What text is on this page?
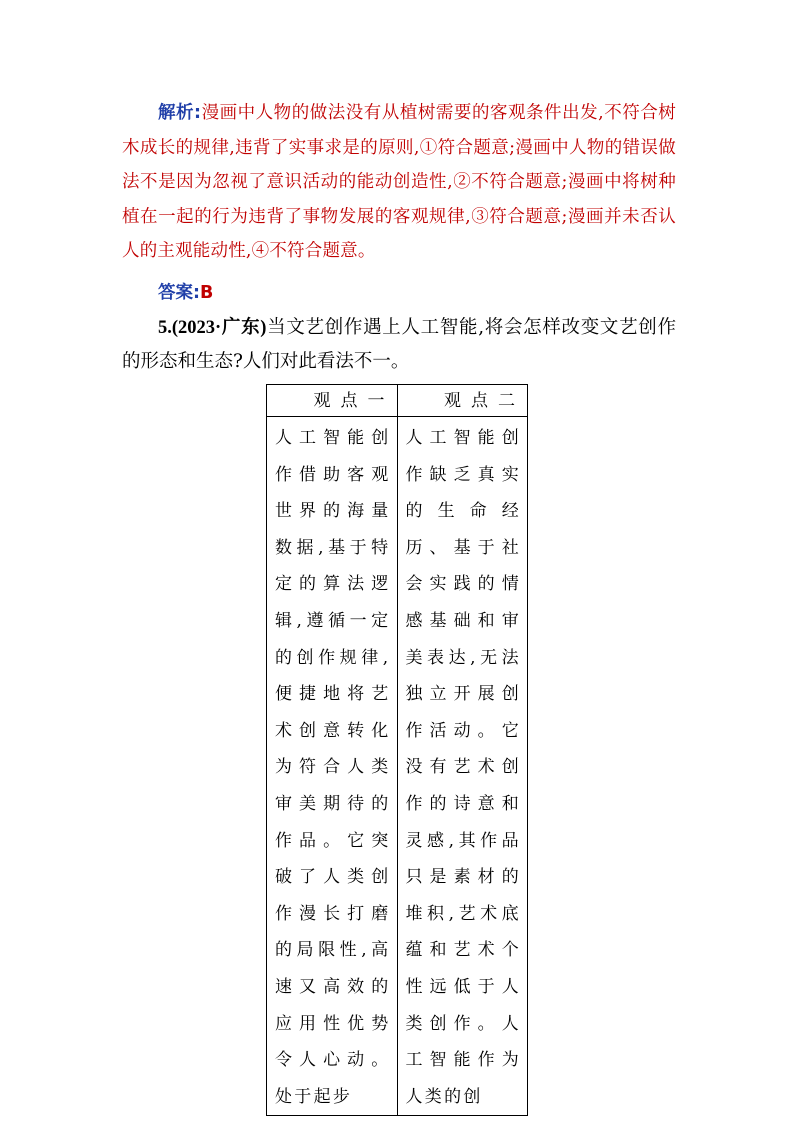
解析:漫画中人物的做法没有从植树需要的客观条件出发,不符合树木成长的规律,违背了实事求是的原则,①符合题意;漫画中人物的错误做法不是因为忽视了意识活动的能动创造性,②不符合题意;漫画中将树种植在一起的行为违背了事物发展的客观规律,③符合题意;漫画并未否认人的主观能动性,④不符合题意。

答案:B

5.(2023·广东)当文艺创作遇上人工智能,将会怎样改变文艺创作的形态和生态?人们对此看法不一。

观点一	观点二
人工智能创作借助客观世界的海量数据,基于特定的算法逻辑,遵循一定的创作规律,便捷地将艺术创意转化为符合人类审美期待的作品。它突破了人类创作漫长打磨的局限性,高速又高效的应用性优势令人心动。处于起步	人工智能创作缺乏真实的生命经历、基于社会实践的情感基础和审美表达,无法独立开展创作活动。它没有艺术创作的诗意和灵感,其作品只是素材的堆积,艺术底蕴和艺术个性远低于人类创作。人工智能作为人类的创
